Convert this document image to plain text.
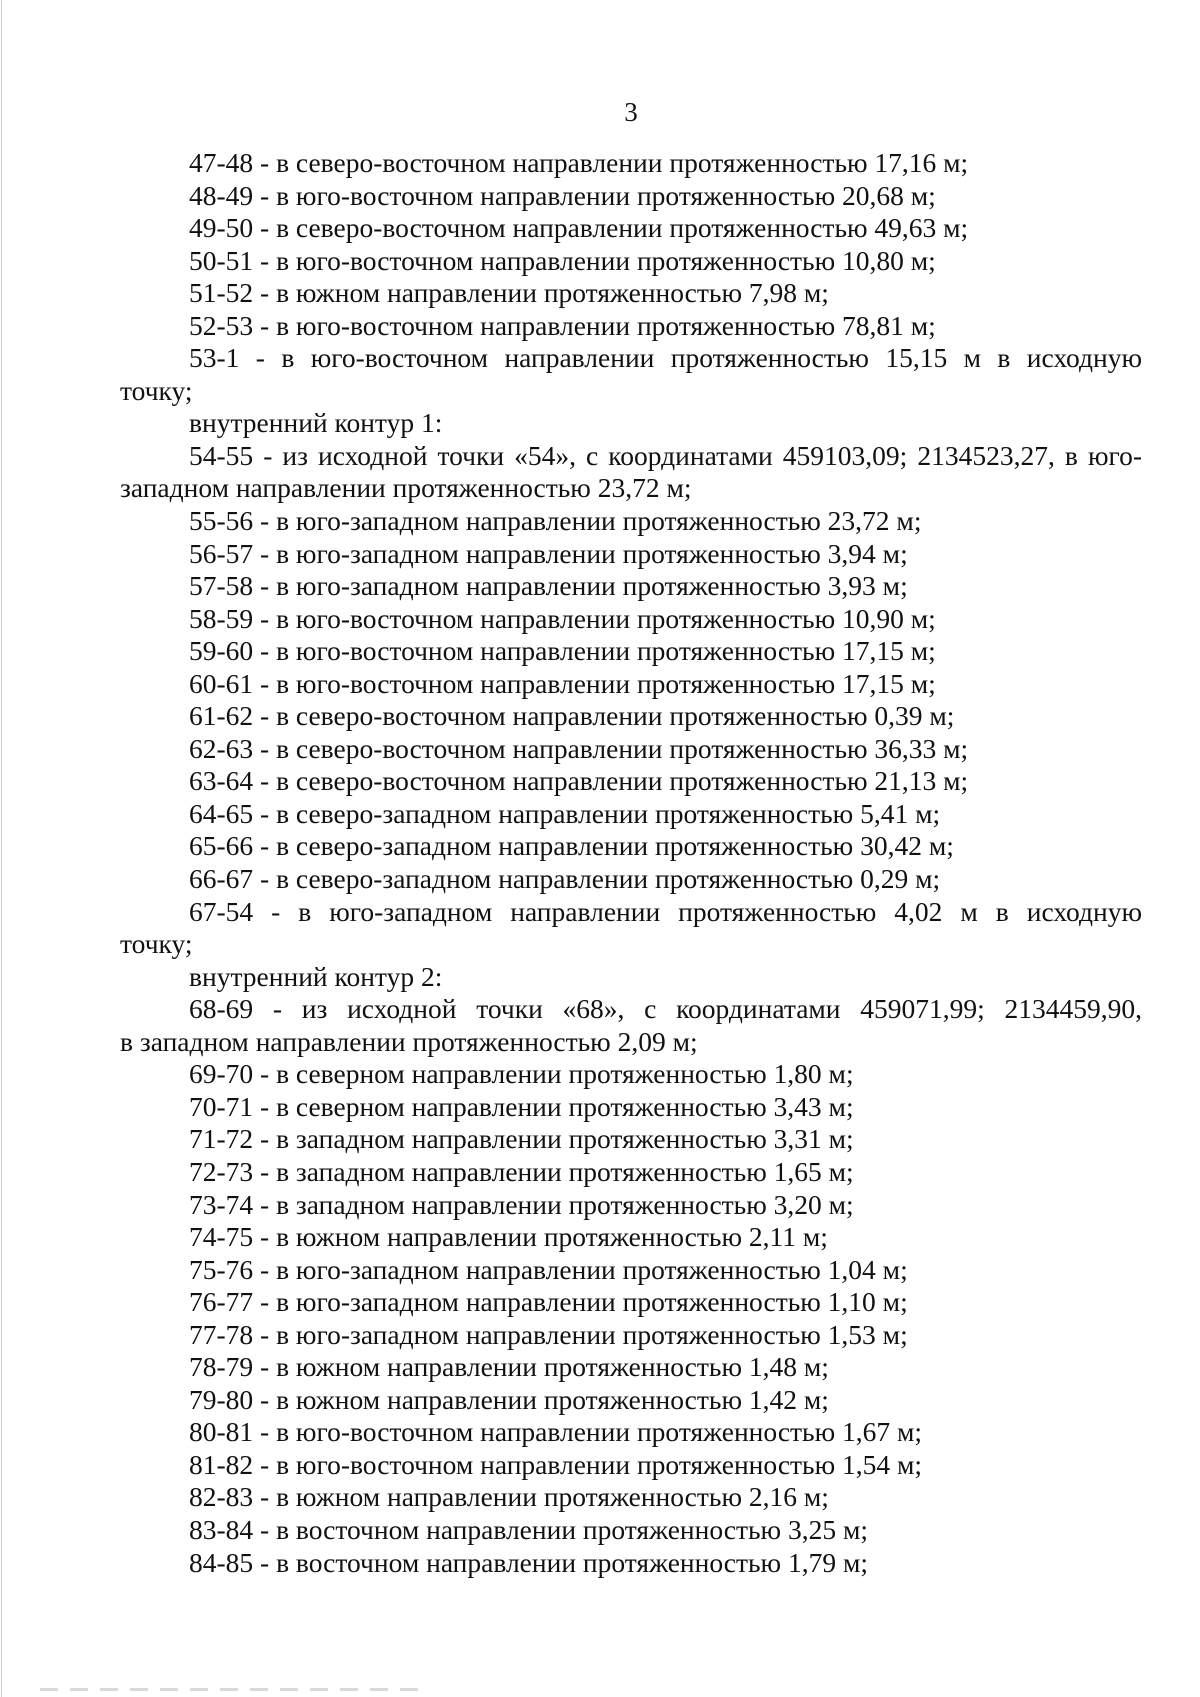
3
47-48 - в северо-восточном направлении протяженностью 17,16 м;
48-49 - в юго-восточном направлении протяженностью 20,68 м;
49-50 - в северо-восточном направлении протяженностью 49,63 м;
50-51 - в юго-восточном направлении протяженностью 10,80 м;
51-52 - в южном направлении протяженностью 7,98 м;
52-53 - в юго-восточном направлении протяженностью 78,81 м;
53-1 - в юго-восточном направлении протяженностью 15,15 м в исходную
точку;
внутренний контур 1:
54-55 - из исходной точки «54», с координатами 459103,09; 2134523,27, в юго-
западном направлении протяженностью 23,72 м;
55-56 - в юго-западном направлении протяженностью 23,72 м;
56-57 - в юго-западном направлении протяженностью 3,94 м;
57-58 - в юго-западном направлении протяженностью 3,93 м;
58-59 - в юго-восточном направлении протяженностью 10,90 м;
59-60 - в юго-восточном направлении протяженностью 17,15 м;
60-61 - в юго-восточном направлении протяженностью 17,15 м;
61-62 - в северо-восточном направлении протяженностью 0,39 м;
62-63 - в северо-восточном направлении протяженностью 36,33 м;
63-64 - в северо-восточном направлении протяженностью 21,13 м;
64-65 - в северо-западном направлении протяженностью 5,41 м;
65-66 - в северо-западном направлении протяженностью 30,42 м;
66-67 - в северо-западном направлении протяженностью 0,29 м;
67-54 - в юго-западном направлении протяженностью 4,02 м в исходную
точку;
внутренний контур 2:
68-69 - из исходной точки «68», с координатами 459071,99; 2134459,90,
в западном направлении протяженностью 2,09 м;
69-70 - в северном направлении протяженностью 1,80 м;
70-71 - в северном направлении протяженностью 3,43 м;
71-72 - в западном направлении протяженностью 3,31 м;
72-73 - в западном направлении протяженностью 1,65 м;
73-74 - в западном направлении протяженностью 3,20 м;
74-75 - в южном направлении протяженностью 2,11 м;
75-76 - в юго-западном направлении протяженностью 1,04 м;
76-77 - в юго-западном направлении протяженностью 1,10 м;
77-78 - в юго-западном направлении протяженностью 1,53 м;
78-79 - в южном направлении протяженностью 1,48 м;
79-80 - в южном направлении протяженностью 1,42 м;
80-81 - в юго-восточном направлении протяженностью 1,67 м;
81-82 - в юго-восточном направлении протяженностью 1,54 м;
82-83 - в южном направлении протяженностью 2,16 м;
83-84 - в восточном направлении протяженностью 3,25 м;
84-85 - в восточном направлении протяженностью 1,79 м;
